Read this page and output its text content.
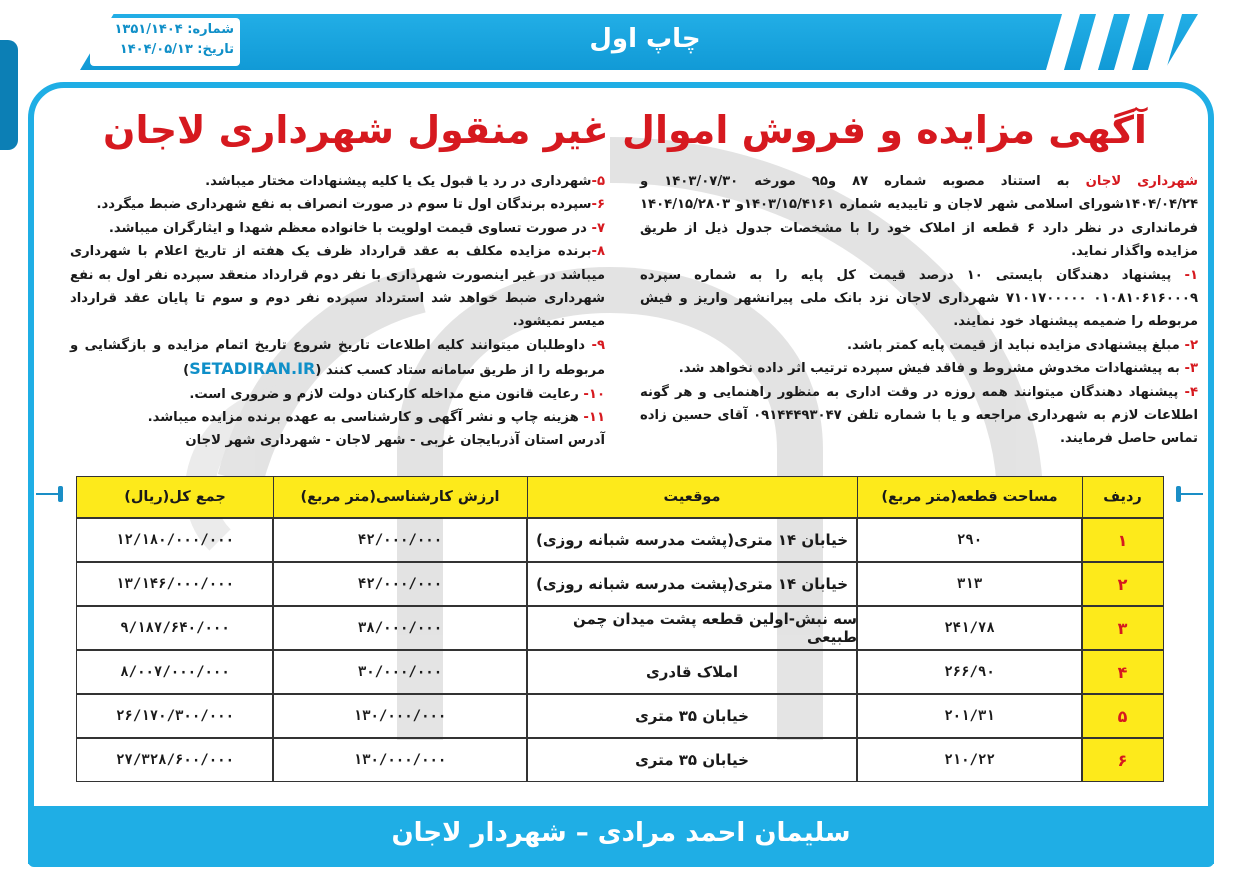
چاپ اول
شماره: ۱۳۵۱/۱۴۰۴
تاریخ: ۱۴۰۴/۰۵/۱۳
آگهی مزایده و فروش اموال غیر منقول شهرداری لاجان
شهرداری لاجان به استناد مصوبه شماره ۸۷ و۹۵ مورخه ۱۴۰۳/۰۷/۳۰ و ۱۴۰۴/۰۴/۲۴شورای اسلامی شهر لاجان و تاییدیه شماره ۱۴۰۳/۱۵/۴۱۶۱و ۱۴۰۴/۱۵/۲۸۰۳ فرمانداری در نظر دارد ۶ قطعه از املاک خود را با مشخصات جدول ذیل از طریق مزایده واگذار نماید.
۱- پیشنهاد دهندگان بایستی ۱۰ درصد قیمت کل پایه را به شماره سپرده ۰۱۰۸۱۰۶۱۶۰۰۰۹ ۷۱۰۱۷۰۰۰۰۰ شهرداری لاجان نزد بانک ملی پیرانشهر واریز و فیش مربوطه را ضمیمه پیشنهاد خود نمایند.
۲- مبلغ پیشنهادی مزایده نباید از قیمت پایه کمتر باشد.
۳- به پیشنهادات مخدوش مشروط و فاقد فیش سپرده ترتیب اثر داده نخواهد شد.
۴- پیشنهاد دهندگان میتوانند همه روزه در وقت اداری به منظور راهنمایی و هر گونه اطلاعات لازم به شهرداری مراجعه و یا با شماره تلفن ۰۹۱۴۴۴۹۳۰۴۷ آقای حسین زاده تماس حاصل فرمایند.
۵-شهرداری در رد یا قبول یک یا کلیه پیشنهادات مختار میباشد.
۶-سپرده برندگان اول تا سوم در صورت انصراف به نفع شهرداری ضبط میگردد.
۷- در صورت تساوی قیمت اولویت با خانواده معظم شهدا و ایثارگران میباشد.
۸-برنده مزایده مکلف به عقد قرارداد ظرف یک هفته از تاریخ اعلام با شهرداری میباشد در غیر اینصورت شهرداری با نفر دوم قرارداد منعقد سپرده نفر اول به نفع شهرداری ضبط خواهد شد استرداد سپرده نفر دوم و سوم تا پایان عقد قرارداد میسر نمیشود.
۹- داوطلبان میتوانند کلیه اطلاعات تاریخ شروع تاریخ اتمام مزایده و بازگشایی و مربوطه را از طریق سامانه ستاد کسب کنند (SETADIRAN.IR)
۱۰- رعایت قانون منع مداخله کارکنان دولت لازم و ضروری است.
۱۱- هزینه چاپ و نشر آگهی و کارشناسی به عهده برنده مزایده میباشد.
آدرس استان آذربایجان غربی - شهر لاجان - شهرداری شهر لاجان
ردیف
مساحت قطعه(متر مربع)
موقعیت
ارزش کارشناسی(متر مربع)
جمع کل(ریال)
۱
۲۹۰
خیابان ۱۴ متری(پشت مدرسه شبانه روزی)
۴۲/۰۰۰/۰۰۰
۱۲/۱۸۰/۰۰۰/۰۰۰
۲
۳۱۳
خیابان ۱۴ متری(پشت مدرسه شبانه روزی)
۴۲/۰۰۰/۰۰۰
۱۳/۱۴۶/۰۰۰/۰۰۰
۳
۲۴۱/۷۸
سه نبش-اولین قطعه پشت میدان چمن طبیعی
۳۸/۰۰۰/۰۰۰
۹/۱۸۷/۶۴۰/۰۰۰
۴
۲۶۶/۹۰
املاک قادری
۳۰/۰۰۰/۰۰۰
۸/۰۰۷/۰۰۰/۰۰۰
۵
۲۰۱/۳۱
خیابان ۳۵ متری
۱۳۰/۰۰۰/۰۰۰
۲۶/۱۷۰/۳۰۰/۰۰۰
۶
۲۱۰/۲۲
خیابان ۳۵ متری
۱۳۰/۰۰۰/۰۰۰
۲۷/۳۲۸/۶۰۰/۰۰۰
سلیمان احمد مرادی – شهردار لاجان
